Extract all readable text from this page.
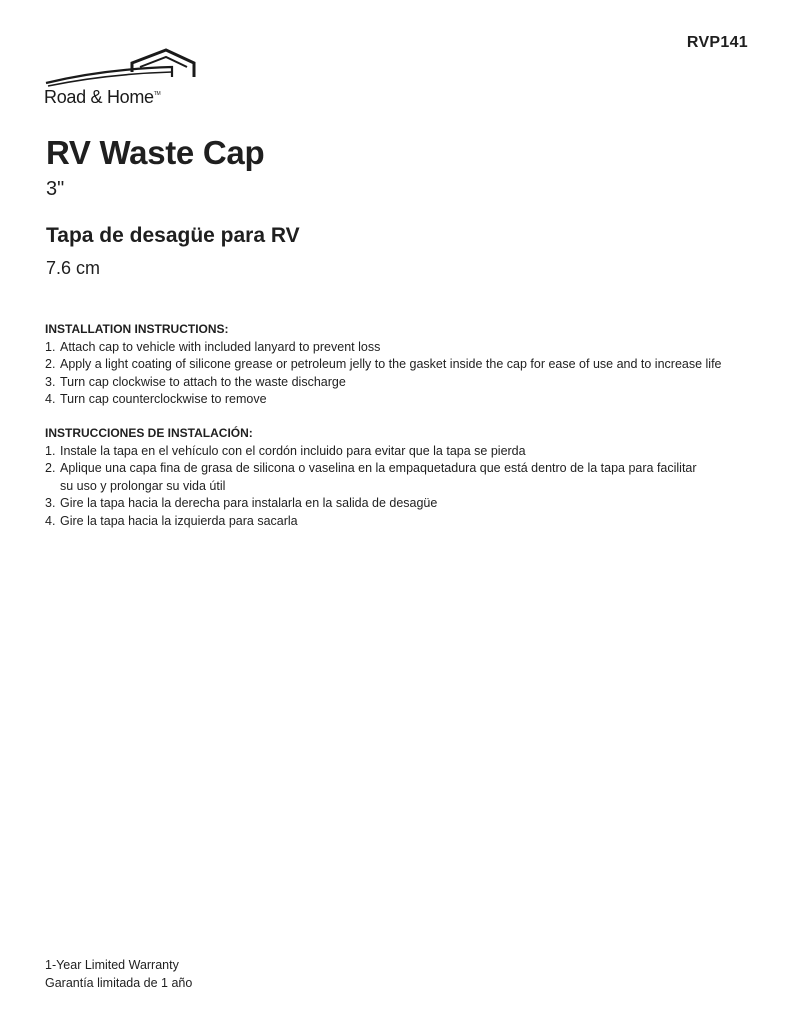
RVP141
Road & Home™
RV Waste Cap
3"
Tapa de desagüe para RV
7.6 cm
INSTALLATION INSTRUCTIONS:
1. Attach cap to vehicle with included lanyard to prevent loss
2. Apply a light coating of silicone grease or petroleum jelly to the gasket inside the cap for ease of use and to increase life
3. Turn cap clockwise to attach to the waste discharge
4. Turn cap counterclockwise to remove
INSTRUCCIONES DE INSTALACIÓN:
1. Instale la tapa en el vehículo con el cordón incluido para evitar que la tapa se pierda
2. Aplique una capa fina de grasa de silicona o vaselina en la empaquetadura que está dentro de la tapa para facilitar su uso y prolongar su vida útil
3. Gire la tapa hacia la derecha para instalarla en la salida de desagüe
4. Gire la tapa hacia la izquierda para sacarla
1-Year Limited Warranty
Garantía limitada de 1 año
